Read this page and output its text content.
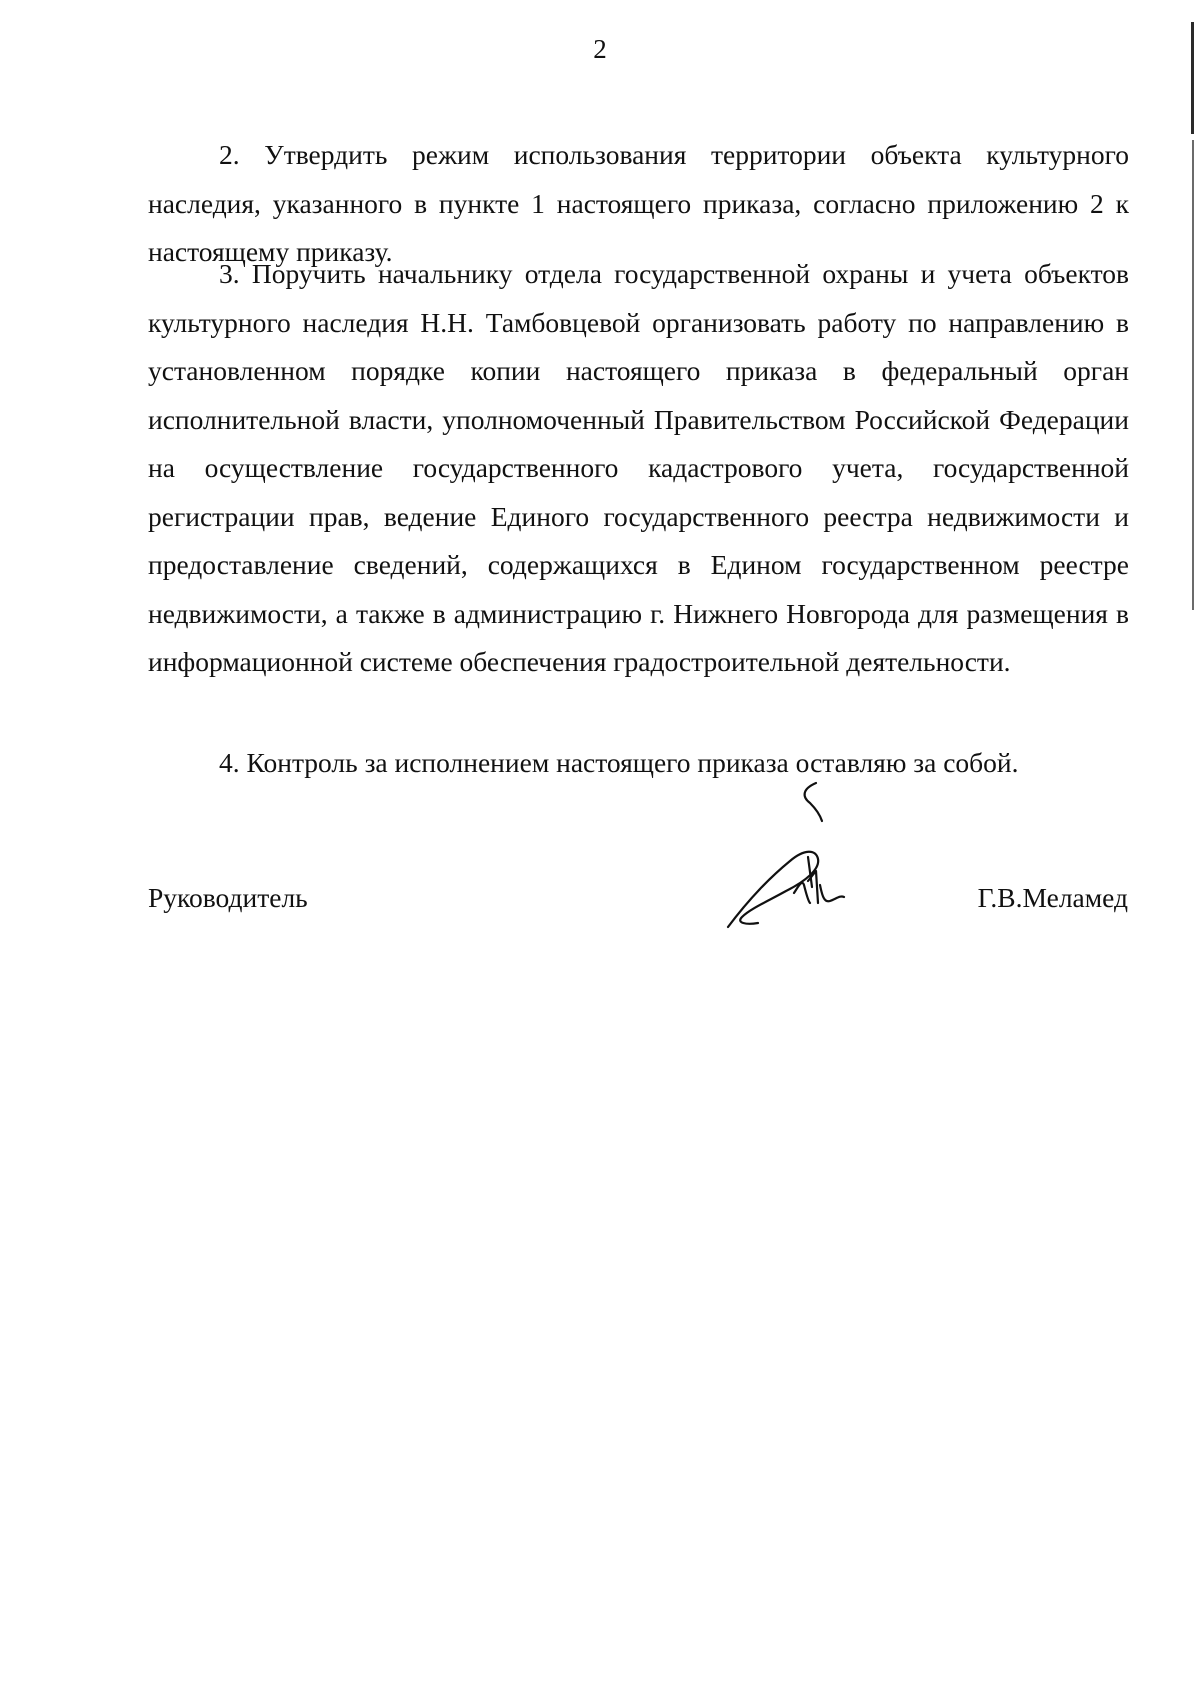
2

2. Утвердить режим использования территории объекта культурного наследия, указанного в пункте 1 настоящего приказа, согласно приложению 2 к настоящему приказу.

3. Поручить начальнику отдела государственной охраны и учета объектов культурного наследия Н.Н. Тамбовцевой организовать работу по направлению в установленном порядке копии настоящего приказа в федеральный орган исполнительной власти, уполномоченный Правительством Российской Федерации на осуществление государственного кадастрового учета, государственной регистрации прав, ведение Единого государственного реестра недвижимости и предоставление сведений, содержащихся в Едином государственном реестре недвижимости, а также в администрацию г. Нижнего Новгорода для размещения в информационной системе обеспечения градостроительной деятельности.

4. Контроль за исполнением настоящего приказа оставляю за собой.

Руководитель	Г.В.Меламед
